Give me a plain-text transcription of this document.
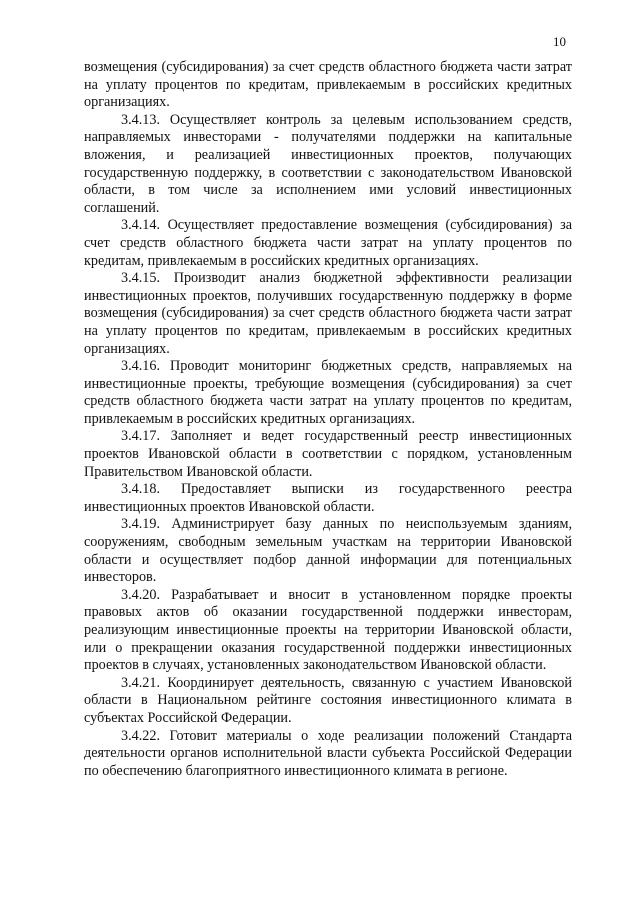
10

возмещения (субсидирования) за счет средств областного бюджета части затрат на уплату процентов по кредитам, привлекаемым в российских кредитных организациях.

3.4.13. Осуществляет контроль за целевым использованием средств, направляемых инвесторами - получателями поддержки на капитальные вложения, и реализацией инвестиционных проектов, получающих государственную поддержку, в соответствии с законодательством Ивановской области, в том числе за исполнением ими условий инвестиционных соглашений.

3.4.14. Осуществляет предоставление возмещения (субсидирования) за счет средств областного бюджета части затрат на уплату процентов по кредитам, привлекаемым в российских кредитных организациях.

3.4.15. Производит анализ бюджетной эффективности реализации инвестиционных проектов, получивших государственную поддержку в форме возмещения (субсидирования) за счет средств областного бюджета части затрат на уплату процентов по кредитам, привлекаемым в российских кредитных организациях.

3.4.16. Проводит мониторинг бюджетных средств, направляемых на инвестиционные проекты, требующие возмещения (субсидирования) за счет средств областного бюджета части затрат на уплату процентов по кредитам, привлекаемым в российских кредитных организациях.

3.4.17. Заполняет и ведет государственный реестр инвестиционных проектов Ивановской области в соответствии с порядком, установленным Правительством Ивановской области.

3.4.18. Предоставляет выписки из государственного реестра инвестиционных проектов Ивановской области.

3.4.19. Администрирует базу данных по неиспользуемым зданиям, сооружениям, свободным земельным участкам на территории Ивановской области и осуществляет подбор данной информации для потенциальных инвесторов.

3.4.20. Разрабатывает и вносит в установленном порядке проекты правовых актов об оказании государственной поддержки инвесторам, реализующим инвестиционные проекты на территории Ивановской области, или о прекращении оказания государственной поддержки инвестиционных проектов в случаях, установленных законодательством Ивановской области.

3.4.21. Координирует деятельность, связанную с участием Ивановской области в Национальном рейтинге состояния инвестиционного климата в субъектах Российской Федерации.

3.4.22. Готовит материалы о ходе реализации положений Стандарта деятельности органов исполнительной власти субъекта Российской Федерации по обеспечению благоприятного инвестиционного климата в регионе.
